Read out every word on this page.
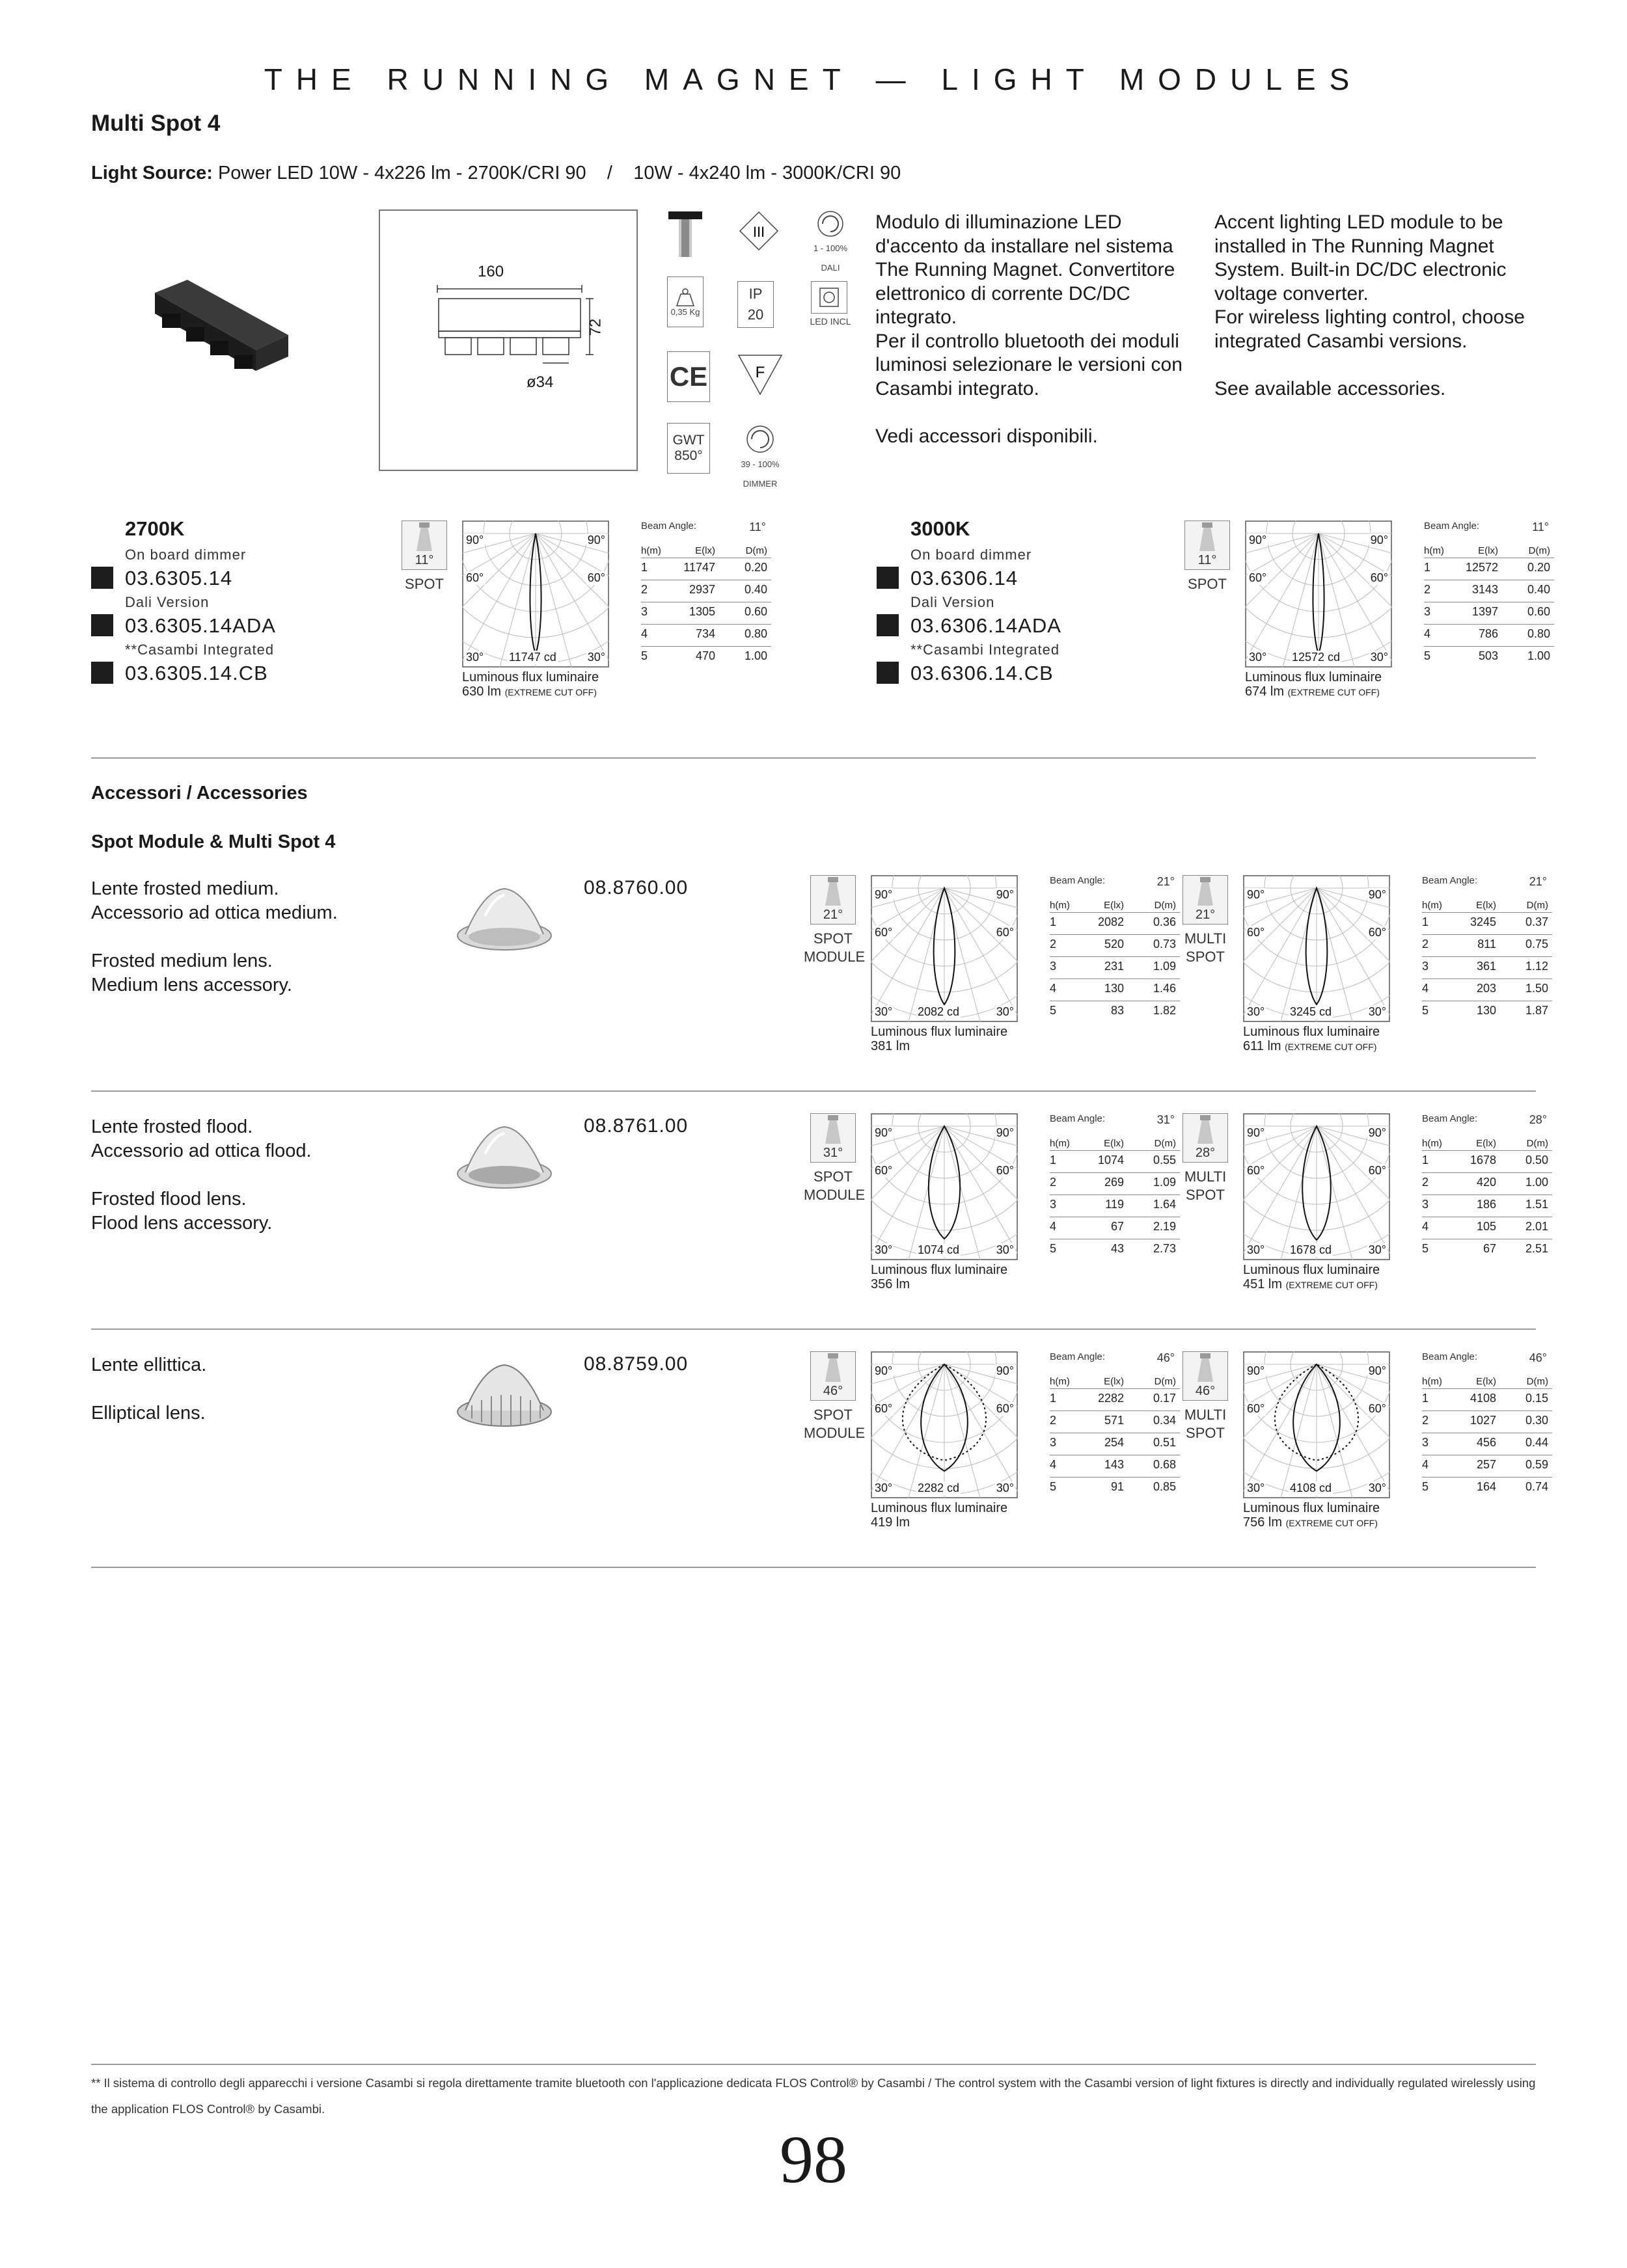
THE RUNNING MAGNET — LIGHT MODULES
Multi Spot 4
Light Source: Power LED 10W - 4x226 lm - 2700K/CRI 90    /    10W - 4x240 lm - 3000K/CRI 90
160
72
ø34
0,35 Kg
CE
GWT
850°
III
IP
20
F
39 - 100%
DIMMER
1 - 100%
DALI
LED INCL
Modulo di illuminazione LED
d'accento da installare nel sistema
The Running Magnet. Convertitore
elettronico di corrente DC/DC
integrato.
Per il controllo bluetooth dei moduli
luminosi selezionare le versioni con
Casambi integrato.

Vedi accessori disponibili.
Accent lighting LED module to be
installed in The Running Magnet
System. Built-in DC/DC electronic
voltage converter.
For wireless lighting control, choose
integrated Casambi versions.

See available accessories.
2700K
On board dimmer
03.6305.14
Dali Version
03.6305.14ADA
**Casambi Integrated
03.6305.14.CB
3000K
On board dimmer
03.6306.14
Dali Version
03.6306.14ADA
**Casambi Integrated
03.6306.14.CB
11°
SPOT
90°	90°
60°	60°
30°	30°
11747 cd
Luminous flux luminaire
630 lm (EXTREME CUT OFF)
Beam Angle:	11°
h(m)	E(lx)	D(m)
1	11747	0.20
2	2937	0.40
3	1305	0.60
4	734	0.80
5	470	1.00
11°
SPOT
90°	90°
60°	60°
30°	30°
12572 cd
Luminous flux luminaire
674 lm (EXTREME CUT OFF)
Beam Angle:	11°
h(m)	E(lx)	D(m)
1	12572	0.20
2	3143	0.40
3	1397	0.60
4	786	0.80
5	503	1.00
21°
SPOT
MODULE
90°	90°
60°	60°
30°	30°
2082 cd
Luminous flux luminaire
381 lm
Beam Angle:	21°
h(m)	E(lx)	D(m)
1	2082	0.36
2	520	0.73
3	231	1.09
4	130	1.46
5	83	1.82
21°
MULTI
SPOT
90°	90°
60°	60°
30°	30°
3245 cd
Luminous flux luminaire
611 lm (EXTREME CUT OFF)
Beam Angle:	21°
h(m)	E(lx)	D(m)
1	3245	0.37
2	811	0.75
3	361	1.12
4	203	1.50
5	130	1.87
31°
SPOT
MODULE
90°	90°
60°	60°
30°	30°
1074 cd
Luminous flux luminaire
356 lm
Beam Angle:	31°
h(m)	E(lx)	D(m)
1	1074	0.55
2	269	1.09
3	119	1.64
4	67	2.19
5	43	2.73
28°
MULTI
SPOT
90°	90°
60°	60°
30°	30°
1678 cd
Luminous flux luminaire
451 lm (EXTREME CUT OFF)
Beam Angle:	28°
h(m)	E(lx)	D(m)
1	1678	0.50
2	420	1.00
3	186	1.51
4	105	2.01
5	67	2.51
46°
SPOT
MODULE
90°	90°
60°	60°
30°	30°
2282 cd
Luminous flux luminaire
419 lm
Beam Angle:	46°
h(m)	E(lx)	D(m)
1	2282	0.17
2	571	0.34
3	254	0.51
4	143	0.68
5	91	0.85
46°
MULTI
SPOT
90°	90°
60°	60°
30°	30°
4108 cd
Luminous flux luminaire
756 lm (EXTREME CUT OFF)
Beam Angle:	46°
h(m)	E(lx)	D(m)
1	4108	0.15
2	1027	0.30
3	456	0.44
4	257	0.59
5	164	0.74
Accessori / Accessories
Spot Module & Multi Spot 4
Lente frosted medium.
Accessorio ad ottica medium.

Frosted medium lens.
Medium lens accessory.
08.8760.00
Lente frosted flood.
Accessorio ad ottica flood.

Frosted flood lens.
Flood lens accessory.
08.8761.00
Lente ellittica.

Elliptical lens.
08.8759.00
** Il sistema di controllo degli apparecchi i versione Casambi si regola direttamente tramite bluetooth con l'applicazione dedicata FLOS Control® by Casambi / The control system with the Casambi version of light fixtures is directly and individually regulated wirelessly using the application FLOS Control® by Casambi.
98
